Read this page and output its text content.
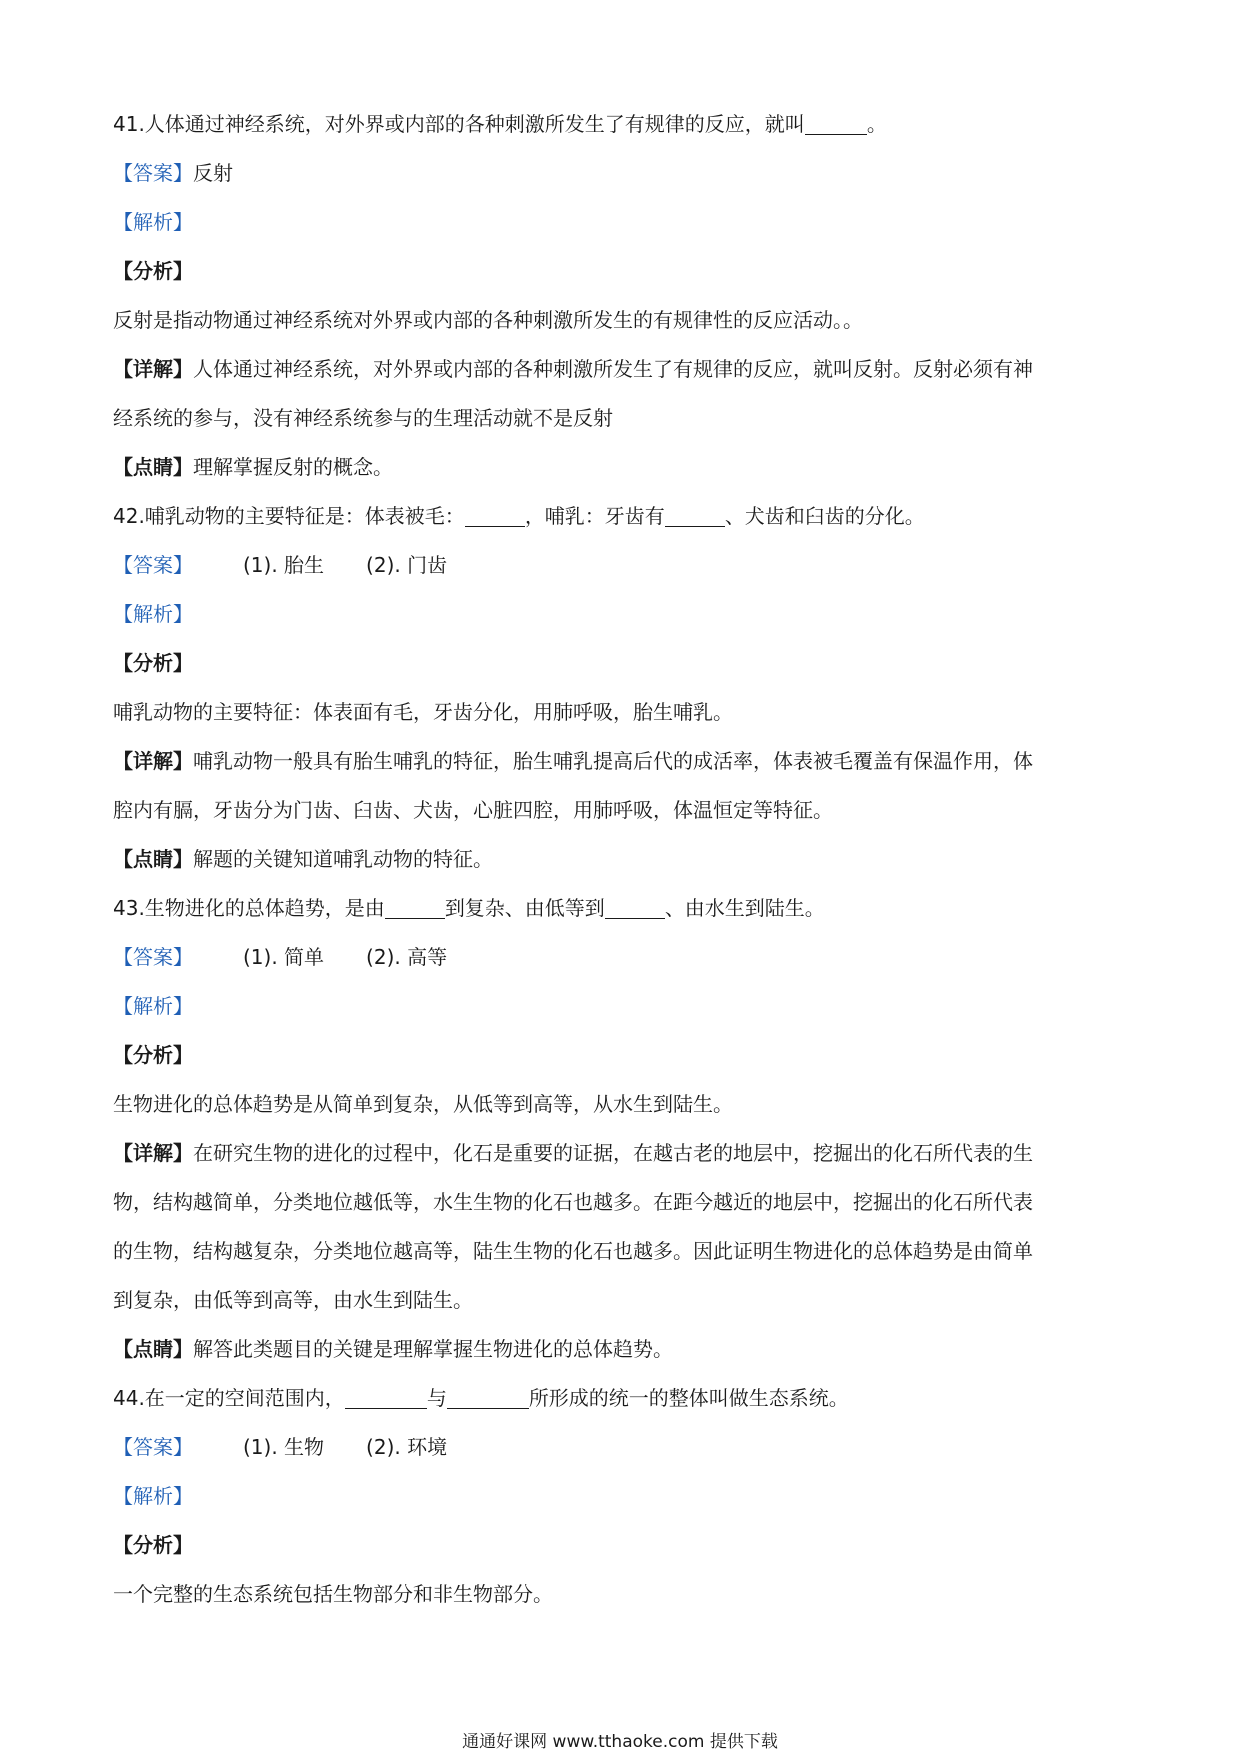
41.人体通过神经系统，对外界或内部的各种刺激所发生了有规律的反应，就叫	。
【答案】反射
【解析】
【分析】
反射是指动物通过神经系统对外界或内部的各种刺激所发生的有规律性的反应活动。。
【详解】人体通过神经系统，对外界或内部的各种刺激所发生了有规律的反应，就叫反射。反射必须有神
经系统的参与，没有神经系统参与的生理活动就不是反射
【点睛】理解掌握反射的概念。
42.哺乳动物的主要特征是：体表被毛：	，哺乳：牙齿有	、犬齿和臼齿的分化。
【答案】	(1). 胎生 (2). 门齿
【解析】
【分析】
哺乳动物的主要特征：体表面有毛，牙齿分化，用肺呼吸，胎生哺乳。
【详解】哺乳动物一般具有胎生哺乳的特征，胎生哺乳提高后代的成活率，体表被毛覆盖有保温作用，体
腔内有膈，牙齿分为门齿、臼齿、犬齿，心脏四腔，用肺呼吸，体温恒定等特征。
【点睛】解题的关键知道哺乳动物的特征。
43.生物进化的总体趋势，是由	到复杂、由低等到	、由水生到陆生。
【答案】	(1). 简单 (2). 高等
【解析】
【分析】
生物进化的总体趋势是从简单到复杂，从低等到高等，从水生到陆生。
【详解】在研究生物的进化的过程中，化石是重要的证据，在越古老的地层中，挖掘出的化石所代表的生
物，结构越简单，分类地位越低等，水生生物的化石也越多。在距今越近的地层中，挖掘出的化石所代表
的生物，结构越复杂，分类地位越高等，陆生生物的化石也越多。因此证明生物进化的总体趋势是由简单
到复杂，由低等到高等，由水生到陆生。
【点睛】解答此类题目的关键是理解掌握生物进化的总体趋势。
44.在一定的空间范围内，	与	所形成的统一的整体叫做生态系统。
【答案】	(1). 生物 (2). 环境
【解析】
【分析】
一个完整的生态系统包括生物部分和非生物部分。
通通好课网 www.tthaoke.com 提供下载
